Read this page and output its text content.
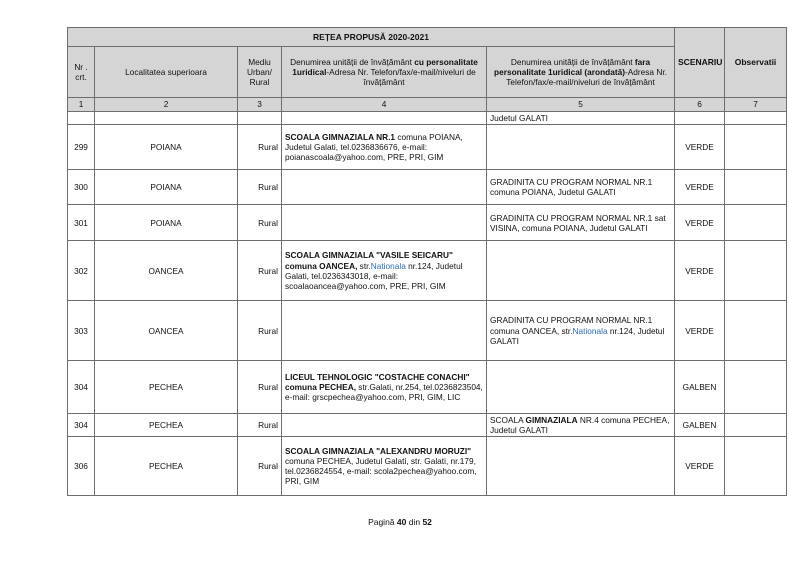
REȚEA PROPUSĂ 2020-2021					SCENARIU	Observatii
Nr . crt.	Localitatea superioara	Mediu Urban/ Rural	Denumirea unității de învățământ cu personalitate 1uridical-Adresa Nr. Telefon/fax/e-mail/niveluri de învățământ	Denumirea unității de învățământ fara personalitate 1uridical (arondată)-Adresa Nr. Telefon/fax/e-mail/niveluri de învățământ		
1	2	3	4	5	6	7
				Judetul GALATI		
299	POIANA	Rural	SCOALA GIMNAZIALA NR.1 comuna POIANA, Judetul Galati, tel.0236836676, e-mail: poianascoala@yahoo.com, PRE, PRI, GIM		VERDE	
300	POIANA	Rural		GRADINITA CU PROGRAM NORMAL NR.1 comuna POIANA, Judetul GALATI	VERDE	
301	POIANA	Rural		GRADINITA CU PROGRAM NORMAL NR.1 sat VISINA, comuna POIANA, Judetul GALATI	VERDE	
302	OANCEA	Rural	SCOALA GIMNAZIALA "VASILE SEICARU" comuna OANCEA, str.Nationala nr.124, Judetul Galati, tel.0236343018, e-mail: scoalaoancea@yahoo.com, PRE, PRI, GIM		VERDE	
303	OANCEA	Rural		GRADINITA CU PROGRAM NORMAL NR.1 comuna OANCEA, str.Nationala nr.124, Judetul GALATI	VERDE	
304	PECHEA	Rural	LICEUL TEHNOLOGIC "COSTACHE CONACHI" comuna PECHEA, str.Galati, nr.254, tel.0236823504, e-mail: grscpechea@yahoo.com, PRI, GIM, LIC		GALBEN	
304	PECHEA	Rural		SCOALA GIMNAZIALA NR.4 comuna PECHEA, Judetul GALATI	GALBEN	
306	PECHEA	Rural	SCOALA GIMNAZIALA "ALEXANDRU MORUZI" comuna PECHEA, Judetul Galati, str. Galati, nr.179, tel.0236824554, e-mail: scola2pechea@yahoo.com, PRI, GIM		VERDE	
Pagină 40 din 52
